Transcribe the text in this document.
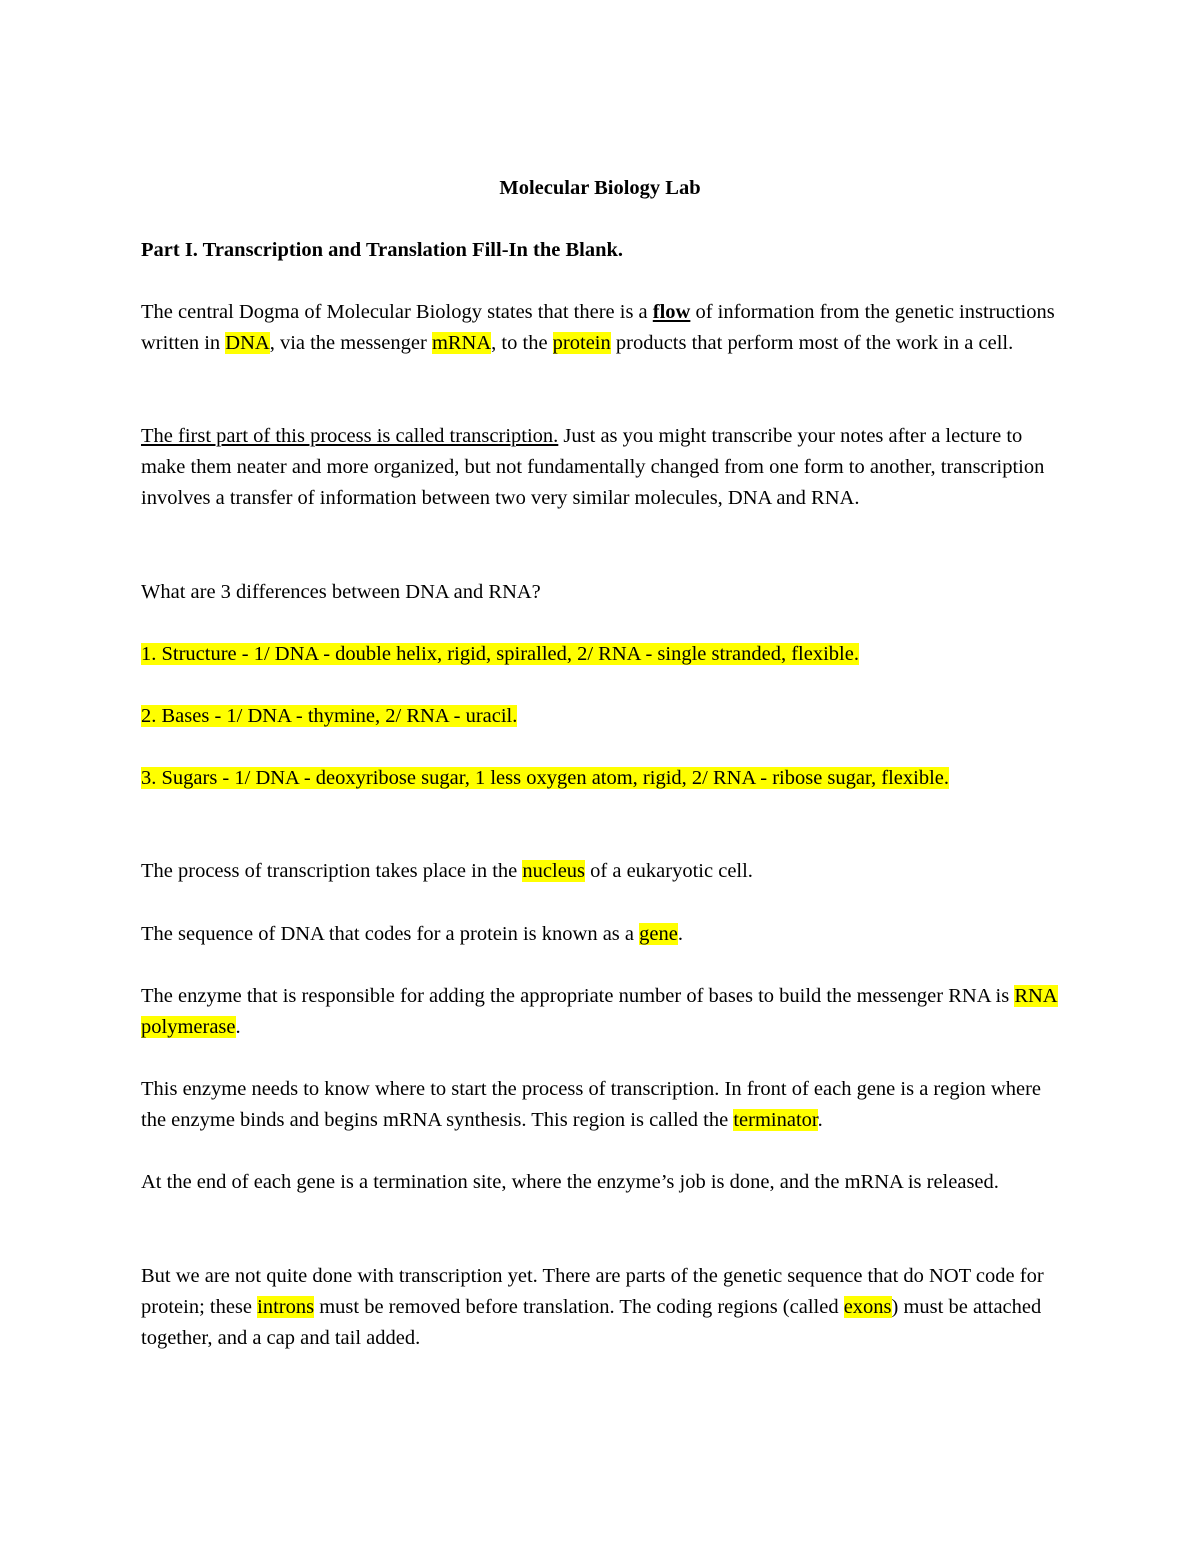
Molecular Biology Lab
Part I. Transcription and Translation Fill-In the Blank.
The central Dogma of Molecular Biology states that there is a flow of information from the genetic instructions written in DNA, via the messenger mRNA, to the protein products that perform most of the work in a cell.
The first part of this process is called transcription. Just as you might transcribe your notes after a lecture to make them neater and more organized, but not fundamentally changed from one form to another, transcription involves a transfer of information between two very similar molecules, DNA and RNA.
What are 3 differences between DNA and RNA?
1. Structure - 1/ DNA - double helix, rigid, spiralled, 2/ RNA - single stranded, flexible.
2. Bases - 1/ DNA - thymine, 2/ RNA - uracil.
3. Sugars - 1/ DNA - deoxyribose sugar, 1 less oxygen atom, rigid, 2/ RNA - ribose sugar, flexible.
The process of transcription takes place in the nucleus of a eukaryotic cell.
The sequence of DNA that codes for a protein is known as a gene.
The enzyme that is responsible for adding the appropriate number of bases to build the messenger RNA is RNA polymerase.
This enzyme needs to know where to start the process of transcription. In front of each gene is a region where the enzyme binds and begins mRNA synthesis. This region is called the terminator.
At the end of each gene is a termination site, where the enzyme’s job is done, and the mRNA is released.
But we are not quite done with transcription yet. There are parts of the genetic sequence that do NOT code for protein; these introns must be removed before translation. The coding regions (called exons) must be attached together, and a cap and tail added.
